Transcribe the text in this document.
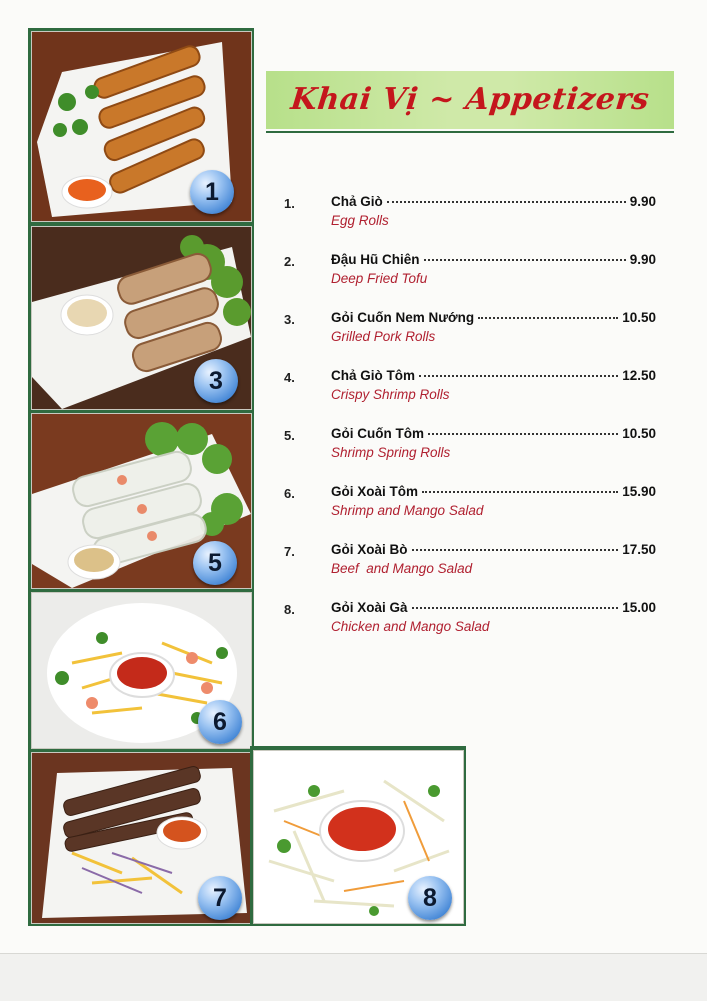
1
3
5
6
7	8
Khai Vị ~ Appetizers
1.	Chả Giò	9.90
Egg Rolls
2.	Đậu Hũ Chiên	9.90
Deep Fried Tofu
3.	Gỏi Cuốn Nem Nướng	10.50
Grilled Pork Rolls
4.	Chả Giò Tôm	12.50
Crispy Shrimp Rolls
5.	Gỏi Cuốn Tôm	10.50
Shrimp Spring Rolls
6.	Gỏi Xoài Tôm	15.90
Shrimp and Mango Salad
7.	Gỏi Xoài Bò	17.50
Beef  and Mango Salad
8.	Gỏi Xoài Gà	15.00
Chicken and Mango Salad
